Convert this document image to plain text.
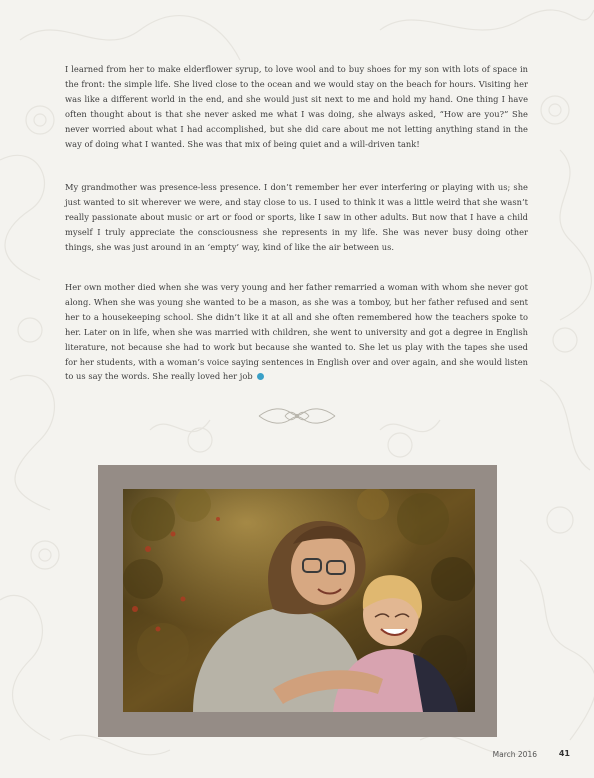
I learned from her to make elderflower syrup, to love wool and to buy shoes for my son with lots of space in the front: the simple life. She lived close to the ocean and we would stay on the beach for hours. Visiting her was like a different world in the end, and she would just sit next to me and hold my hand. One thing I have often thought about is that she never asked me what I was doing, she always asked, “How are you?” She never worried about what I had accomplished, but she did care about me not letting anything stand in the way of doing what I wanted. She was that mix of being quiet and a will-driven tank!

My grandmother was presence-less presence. I don’t remember her ever interfering or playing with us; she just wanted to sit wherever we were, and stay close to us. I used to think it was a little weird that she wasn’t really passionate about music or art or food or sports, like I saw in other adults. But now that I have a child myself I truly appreciate the consciousness she represents in my life. She was never busy doing other things, she was just around in an ‘empty’ way, kind of like the air between us.

Her own mother died when she was very young and her father remarried a woman with whom she never got along. When she was young she wanted to be a mason, as she was a tomboy, but her father refused and sent her to a housekeeping school. She didn’t like it at all and she often remembered how the teachers spoke to her. Later on in life, when she was married with children, she went to university and got a degree in English literature, not because she had to work but because she wanted to. She let us play with the tapes she used for her students, with a woman’s voice saying sentences in English over and over again, and she would listen to us say the words. She really loved her job

March 2016	41
